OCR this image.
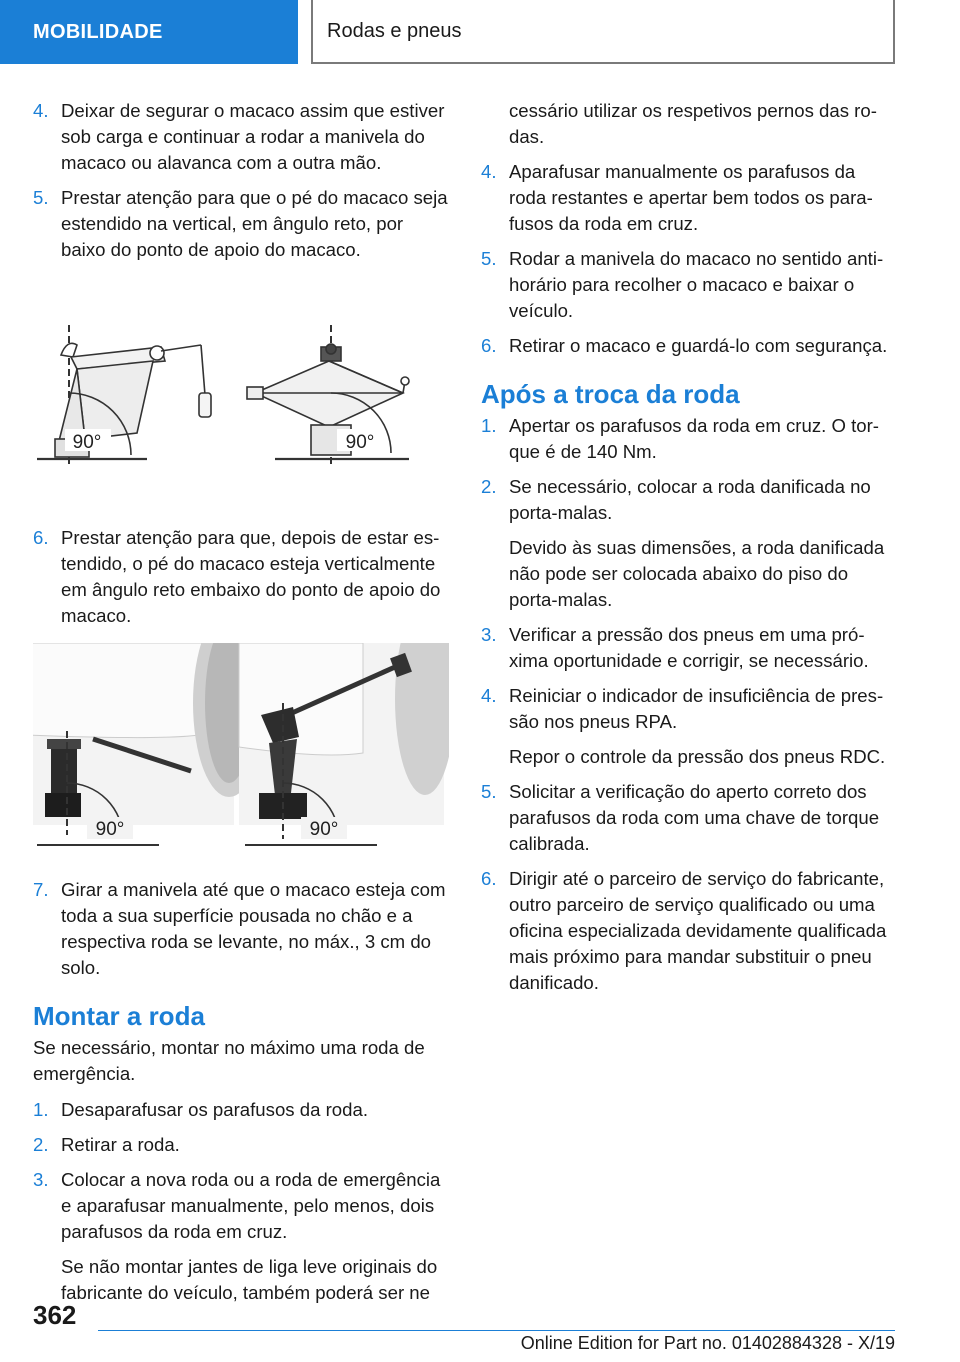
MOBILIDADE	Rodas e pneus
4. Deixar de segurar o macaco assim que estiver sob carga e continuar a rodar a manivela do macaco ou alavanca com a outra mão.
5. Prestar atenção para que o pé do macaco seja estendido na vertical, em ângulo reto, por baixo do ponto de apoio do macaco.
90°	90°
6. Prestar atenção para que, depois de estar estendido, o pé do macaco esteja verticalmente em ângulo reto embaixo do ponto de apoio do macaco.
90°	90°
7. Girar a manivela até que o macaco esteja com toda a sua superfície pousada no chão e a respectiva roda se levante, no máx., 3 cm do solo.
Montar a roda
Se necessário, montar no máximo uma roda de emergência.
1. Desaparafusar os parafusos da roda.
2. Retirar a roda.
3. Colocar a nova roda ou a roda de emergência e aparafusar manualmente, pelo menos, dois parafusos da roda em cruz.
Se não montar jantes de liga leve originais do fabricante do veículo, também poderá ser ne
cessário utilizar os respetivos pernos das rodas.
4. Aparafusar manualmente os parafusos da roda restantes e apertar bem todos os parafusos da roda em cruz.
5. Rodar a manivela do macaco no sentido anti-horário para recolher o macaco e baixar o veículo.
6. Retirar o macaco e guardá-lo com segurança.
Após a troca da roda
1. Apertar os parafusos da roda em cruz. O torque é de 140 Nm.
2. Se necessário, colocar a roda danificada no porta-malas.
Devido às suas dimensões, a roda danificada não pode ser colocada abaixo do piso do porta-malas.
3. Verificar a pressão dos pneus em uma próxima oportunidade e corrigir, se necessário.
4. Reiniciar o indicador de insuficiência de pressão nos pneus RPA.
Repor o controle da pressão dos pneus RDC.
5. Solicitar a verificação do aperto correto dos parafusos da roda com uma chave de torque calibrada.
6. Dirigir até o parceiro de serviço do fabricante, outro parceiro de serviço qualificado ou uma oficina especializada devidamente qualificada mais próximo para mandar substituir o pneu danificado.
362
Online Edition for Part no. 01402884328 - X/19
